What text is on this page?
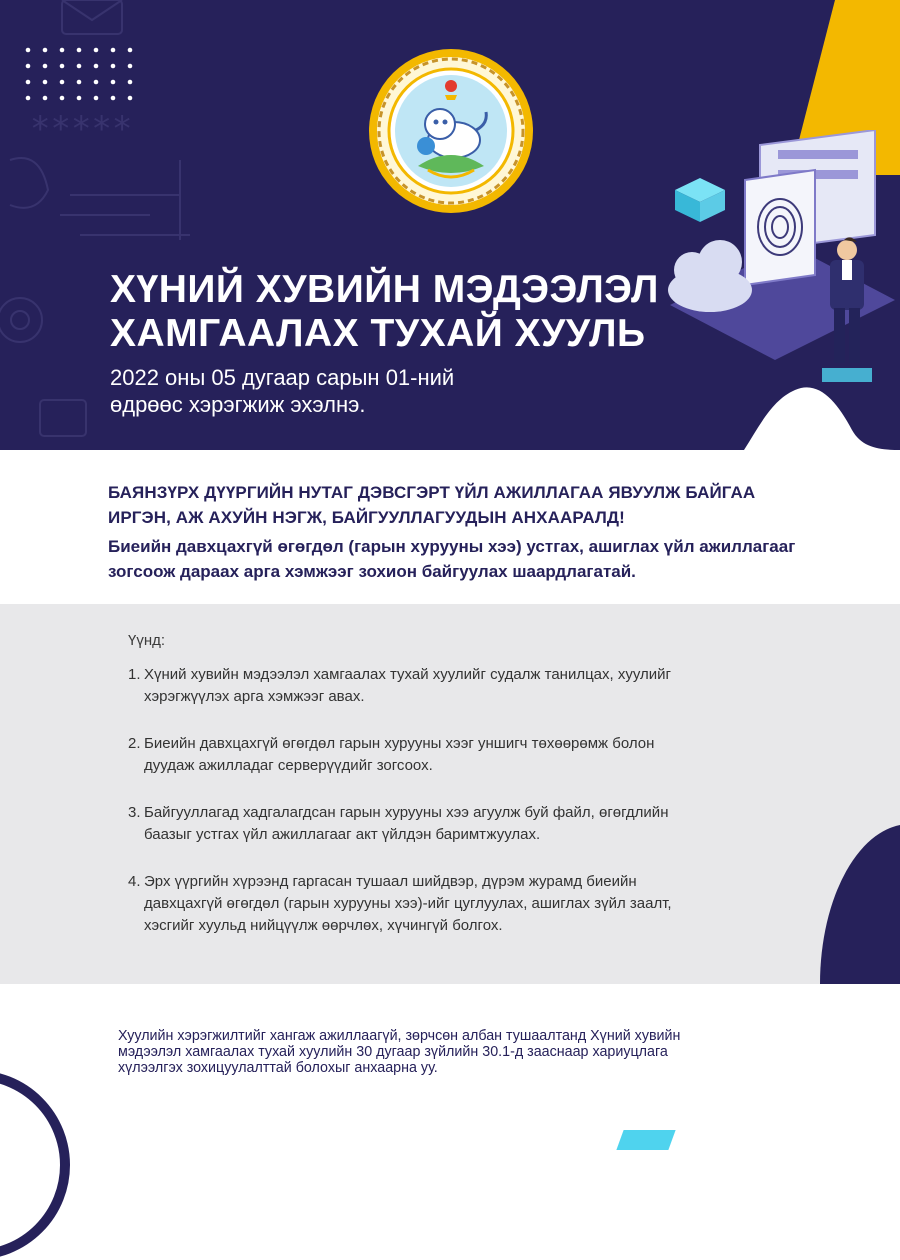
*****
ХҮНИЙ ХУВИЙН МЭДЭЭЛЭЛ
ХАМГААЛАХ ТУХАЙ ХУУЛЬ

2022 оны 05 дугаар сарын 01-ний
өдрөөс хэрэгжиж эхэлнэ.

БАЯНЗҮРХ ДҮҮРГИЙН НУТАГ ДЭВСГЭРТ ҮЙЛ АЖИЛЛАГАА ЯВУУЛЖ БАЙГАА
ИРГЭН, АЖ АХУЙН НЭГЖ, БАЙГУУЛЛАГУУДЫН АНХААРАЛД!

Биеийн давхцахгүй өгөгдөл (гарын хурууны хээ) устгах, ашиглах үйл ажиллагааг
зогсоож дараах арга хэмжээг зохион байгуулах шаардлагатай.

Үүнд:

1. Хүний хувийн мэдээлэл хамгаалах тухай хуулийг судалж танилцах, хуулийг
хэрэгжүүлэх арга хэмжээг авах.
2. Биеийн давхцахгүй өгөгдөл гарын хурууны хээг уншигч төхөөрөмж болон
дуудаж ажилладаг серверүүдийг зогсоох.
3. Байгууллагад хадгалагдсан гарын хурууны хээ агуулж буй файл, өгөгдлийн
баазыг устгах үйл ажиллагааг акт үйлдэн баримтжуулах.
4. Эрх үүргийн хүрээнд гаргасан тушаал шийдвэр, дүрэм журамд биеийн
давхцахгүй өгөгдөл (гарын хурууны хээ)-ийг цуглуулах, ашиглах зүйл заалт,
хэсгийг хуульд нийцүүлж өөрчлөх, хүчингүй болгох.

Хуулийн хэрэгжилтийг хангаж ажиллаагүй, зөрчсөн албан тушаалтанд Хүний хувийн
мэдээлэл хамгаалах тухай хуулийн 30 дугаар зүйлийн 30.1-д зааснаар хариуцлага
хүлээлгэх зохицуулалттай болохыг анхаарна уу.
